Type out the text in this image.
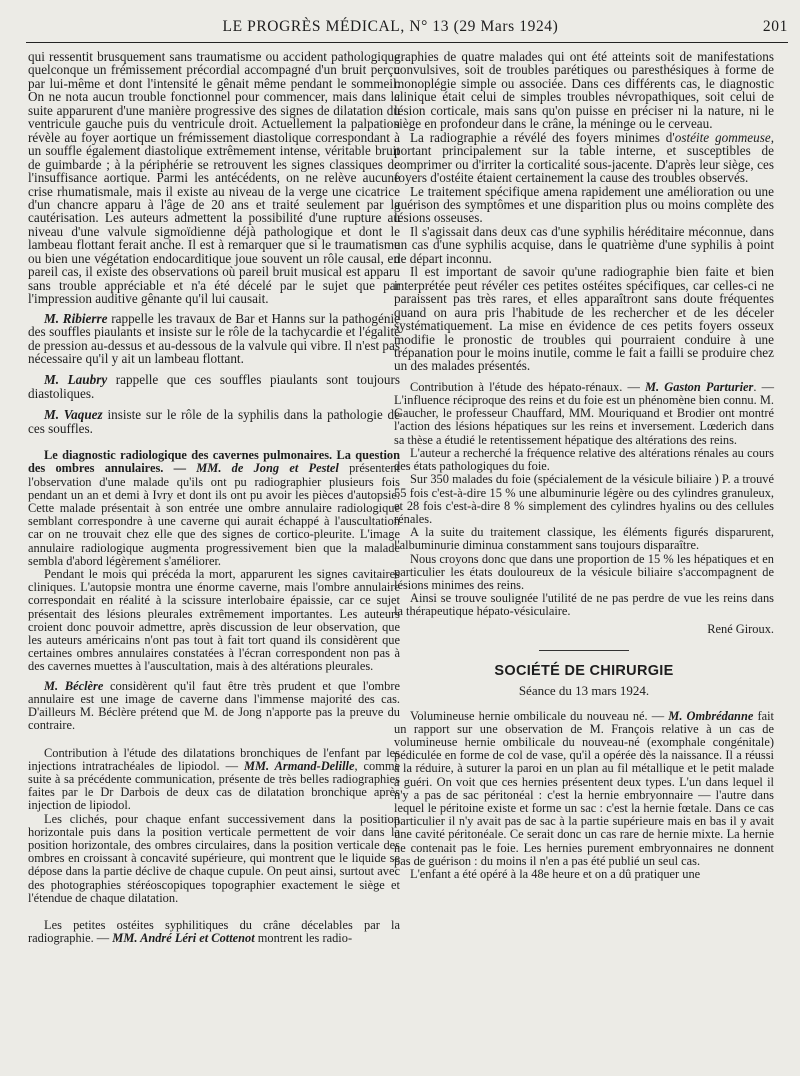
LE PROGRÈS MÉDICAL, N° 13 (29 Mars 1924)	201

qui ressentit brusquement sans traumatisme ou accident pathologique quelconque un frémissement précordial accompagné d'un bruit perçu par lui-même et dont l'intensité le gênait même pendant le sommeil. On ne nota aucun trouble fonctionnel pour commencer, mais dans la suite apparurent d'une manière progressive des signes de dilatation du ventricule gauche puis du ventricule droit. Actuellement la palpation révèle au foyer aortique un frémissement diastolique correspondant à un souffle également diastolique extrêmement intense, véritable bruit de guimbarde ; à la périphérie se retrouvent les signes classiques de l'insuffisance aortique. Parmi les antécédents, on ne relève aucune crise rhumatismale, mais il existe au niveau de la verge une cicatrice d'un chancre apparu à l'âge de 20 ans et traité seulement par la cautérisation. Les auteurs admettent la possibilité d'une rupture au niveau d'une valvule sigmoïdienne déjà pathologique et dont le lambeau flottant ferait anche. Il est à remarquer que si le traumatisme ou bien une végétation endocarditique joue souvent un rôle causal, en pareil cas, il existe des observations où pareil bruit musical est apparu sans trouble appréciable et n'a été décelé par le sujet que par l'impression auditive gênante qu'il lui causait.

M. Ribierre rappelle les travaux de Bar et Hanns sur la pathogénie des souffles piaulants et insiste sur le rôle de la tachycardie et l'égalité de pression au-dessus et au-dessous de la valvule qui vibre. Il n'est pas nécessaire qu'il y ait un lambeau flottant.

M. Laubry rappelle que ces souffles piaulants sont toujours diastoliques.

M. Vaquez insiste sur le rôle de la syphilis dans la pathologie de ces souffles.

Le diagnostic radiologique des cavernes pulmonaires. La question des ombres annulaires. — MM. de Jong et Pestel présentent l'observation d'une malade qu'ils ont pu radiographier plusieurs fois pendant un an et demi à Ivry et dont ils ont pu avoir les pièces d'autopsie. Cette malade présentait à son entrée une ombre annulaire radiologique semblant correspondre à une caverne qui aurait échappé à l'auscultation car on ne trouvait chez elle que des signes de cortico-pleurite. L'image annulaire radiologique augmenta progressivement bien que la malade sembla d'abord légèrement s'améliorer.

Pendant le mois qui précéda la mort, apparurent les signes cavitaires cliniques. L'autopsie montra une énorme caverne, mais l'ombre annulaire correspondait en réalité à la scissure interlobaire épaissie, car ce sujet présentait des lésions pleurales extrêmement importantes. Les auteurs croient donc pouvoir admettre, après discussion de leur observation, que les auteurs américains n'ont pas tout à fait tort quand ils considèrent que certaines ombres annulaires constatées à l'écran correspondent non pas à des cavernes muettes à l'auscultation, mais à des altérations pleurales.

M. Béclère considèrent qu'il faut être très prudent et que l'ombre annulaire est une image de caverne dans l'immense majorité des cas. D'ailleurs M. Béclère prétend que M. de Jong n'apporte pas la preuve du contraire.

Contribution à l'étude des dilatations bronchiques de l'enfant par les injections intratrachéales de lipiodol. — MM. Armand-Delille, comme suite à sa précédente communication, présente de très belles radiographies faites par le Dr Darbois de deux cas de dilatation bronchique après injection de lipiodol.

Les clichés, pour chaque enfant successivement dans la position horizontale puis dans la position verticale permettent de voir dans la position horizontale, des ombres circulaires, dans la position verticale des ombres en croissant à concavité supérieure, qui montrent que le liquide se dépose dans la partie déclive de chaque cupule. On peut ainsi, surtout avec des photographies stéréoscopiques topographier exactement le siège et l'étendue de chaque dilatation.

Les petites ostéites syphilitiques du crâne décelables par la radiographie. — MM. André Léri et Cottenot montrent les radio-

graphies de quatre malades qui ont été atteints soit de manifestations convulsives, soit de troubles parétiques ou paresthésiques à forme de monoplégie simple ou associée. Dans ces différents cas, le diagnostic clinique était celui de simples troubles névropathiques, soit celui de lésion corticale, mais sans qu'on puisse en préciser ni la nature, ni le siège en profondeur dans le crâne, la méninge ou le cerveau.

La radiographie a révélé des foyers minimes d'ostéite gommeuse, portant principalement sur la table interne, et susceptibles de comprimer ou d'irriter la corticalité sous-jacente. D'après leur siège, ces foyers d'ostéite étaient certainement la cause des troubles observés.

Le traitement spécifique amena rapidement une amélioration ou une guérison des symptômes et une disparition plus ou moins complète des lésions osseuses.

Il s'agissait dans deux cas d'une syphilis héréditaire méconnue, dans un cas d'une syphilis acquise, dans le quatrième d'une syphilis à point de départ inconnu.

Il est important de savoir qu'une radiographie bien faite et bien interprétée peut révéler ces petites ostéites spécifiques, car celles-ci ne paraissent pas très rares, et elles apparaîtront sans doute fréquentes quand on aura pris l'habitude de les rechercher et de les déceler systématiquement. La mise en évidence de ces petits foyers osseux modifie le pronostic de troubles qui pourraient conduire à une trépanation pour le moins inutile, comme le fait a failli se produire chez un des malades présentés.

Contribution à l'étude des hépato-rénaux. — M. Gaston Parturier. — L'influence réciproque des reins et du foie est un phénomène bien connu. M. Gaucher, le professeur Chauffard, MM. Mouriquand et Brodier ont montré l'action des lésions hépatiques sur les reins et inversement. Lœderich dans sa thèse a étudié le retentissement hépatique des altérations des reins.

L'auteur a recherché la fréquence relative des altérations rénales au cours des états pathologiques du foie.

Sur 350 malades du foie (spécialement de la vésicule biliaire ) P. a trouvé 55 fois c'est-à-dire 15 % une albuminurie légère ou des cylindres granuleux, et 28 fois c'est-à-dire 8 % simplement des cylindres hyalins ou des cellules rénales.

A la suite du traitement classique, les éléments figurés disparurent, l'albuminurie diminua constamment sans toujours disparaître.

Nous croyons donc que dans une proportion de 15 % les hépatiques et en particulier les états douloureux de la vésicule biliaire s'accompagnent de lésions minimes des reins.

Ainsi se trouve soulignée l'utilité de ne pas perdre de vue les reins dans la thérapeutique hépato-vésiculaire.

René Giroux.

SOCIÉTÉ DE CHIRURGIE
Séance du 13 mars 1924.

Volumineuse hernie ombilicale du nouveau né. — M. Ombrédanne fait un rapport sur une observation de M. François relative à un cas de volumineuse hernie ombilicale du nouveau-né (exomphale congénitale) pédiculée en forme de col de vase, qu'il a opérée dès la naissance. Il a réussi à la réduire, à suturer la paroi en un plan au fil métallique et le petit malade a guéri. On voit que ces hernies présentent deux types. L'un dans lequel il n'y a pas de sac péritonéal : c'est la hernie embryonnaire — l'autre dans lequel le péritoine existe et forme un sac : c'est la hernie fœtale. Dans ce cas particulier il n'y avait pas de sac à la partie supérieure mais en bas il y avait une cavité péritonéale. Ce serait donc un cas rare de hernie mixte. La hernie ne contenait pas le foie. Les hernies purement embryonnaires ne donnent pas de guérison : du moins il n'en a pas été publié un seul cas.

L'enfant a été opéré à la 48e heure et on a dû pratiquer une
